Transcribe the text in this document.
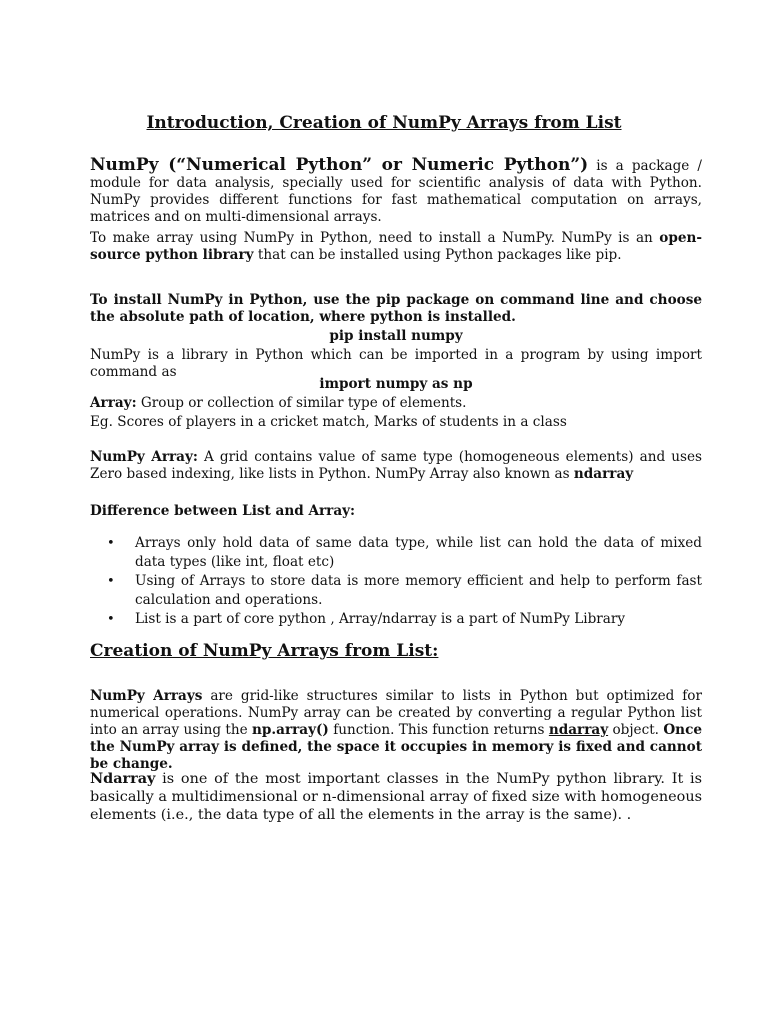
Introduction, Creation of NumPy Arrays from List
NumPy (“Numerical Python” or Numeric Python”) is a package / module for data analysis, specially used for scientific analysis of data with Python. NumPy provides different functions for fast mathematical computation on arrays, matrices and on multi-dimensional arrays.
To make array using NumPy in Python, need to install a NumPy. NumPy is an open-source python library that can be installed using Python packages like pip.
To install NumPy in Python, use the pip package on command line and choose the absolute path of location, where python is installed.
pip install numpy
NumPy is a library in Python which can be imported in a program by using import command as
import numpy as np
Array: Group or collection of similar type of elements.
Eg. Scores of players in a cricket match, Marks of students in a class
NumPy Array: A grid contains value of same type (homogeneous elements) and uses Zero based indexing, like lists in Python. NumPy Array also known as ndarray
Difference between List and Array:
• Arrays only hold data of same data type, while list can hold the data of mixed data types (like int, float etc)
• Using of Arrays to store data is more memory efficient and help to perform fast calculation and operations.
• List is a part of core python , Array/ndarray is a part of NumPy Library
Creation of NumPy Arrays from List:
NumPy Arrays are grid-like structures similar to lists in Python but optimized for numerical operations. NumPy array can be created by converting a regular Python list into an array using the np.array() function. This function returns ndarray object. Once the NumPy array is defined, the space it occupies in memory is fixed and cannot be change.
Ndarray is one of the most important classes in the NumPy python library. It is basically a multidimensional or n-dimensional array of fixed size with homogeneous elements (i.e., the data type of all the elements in the array is the same). .
